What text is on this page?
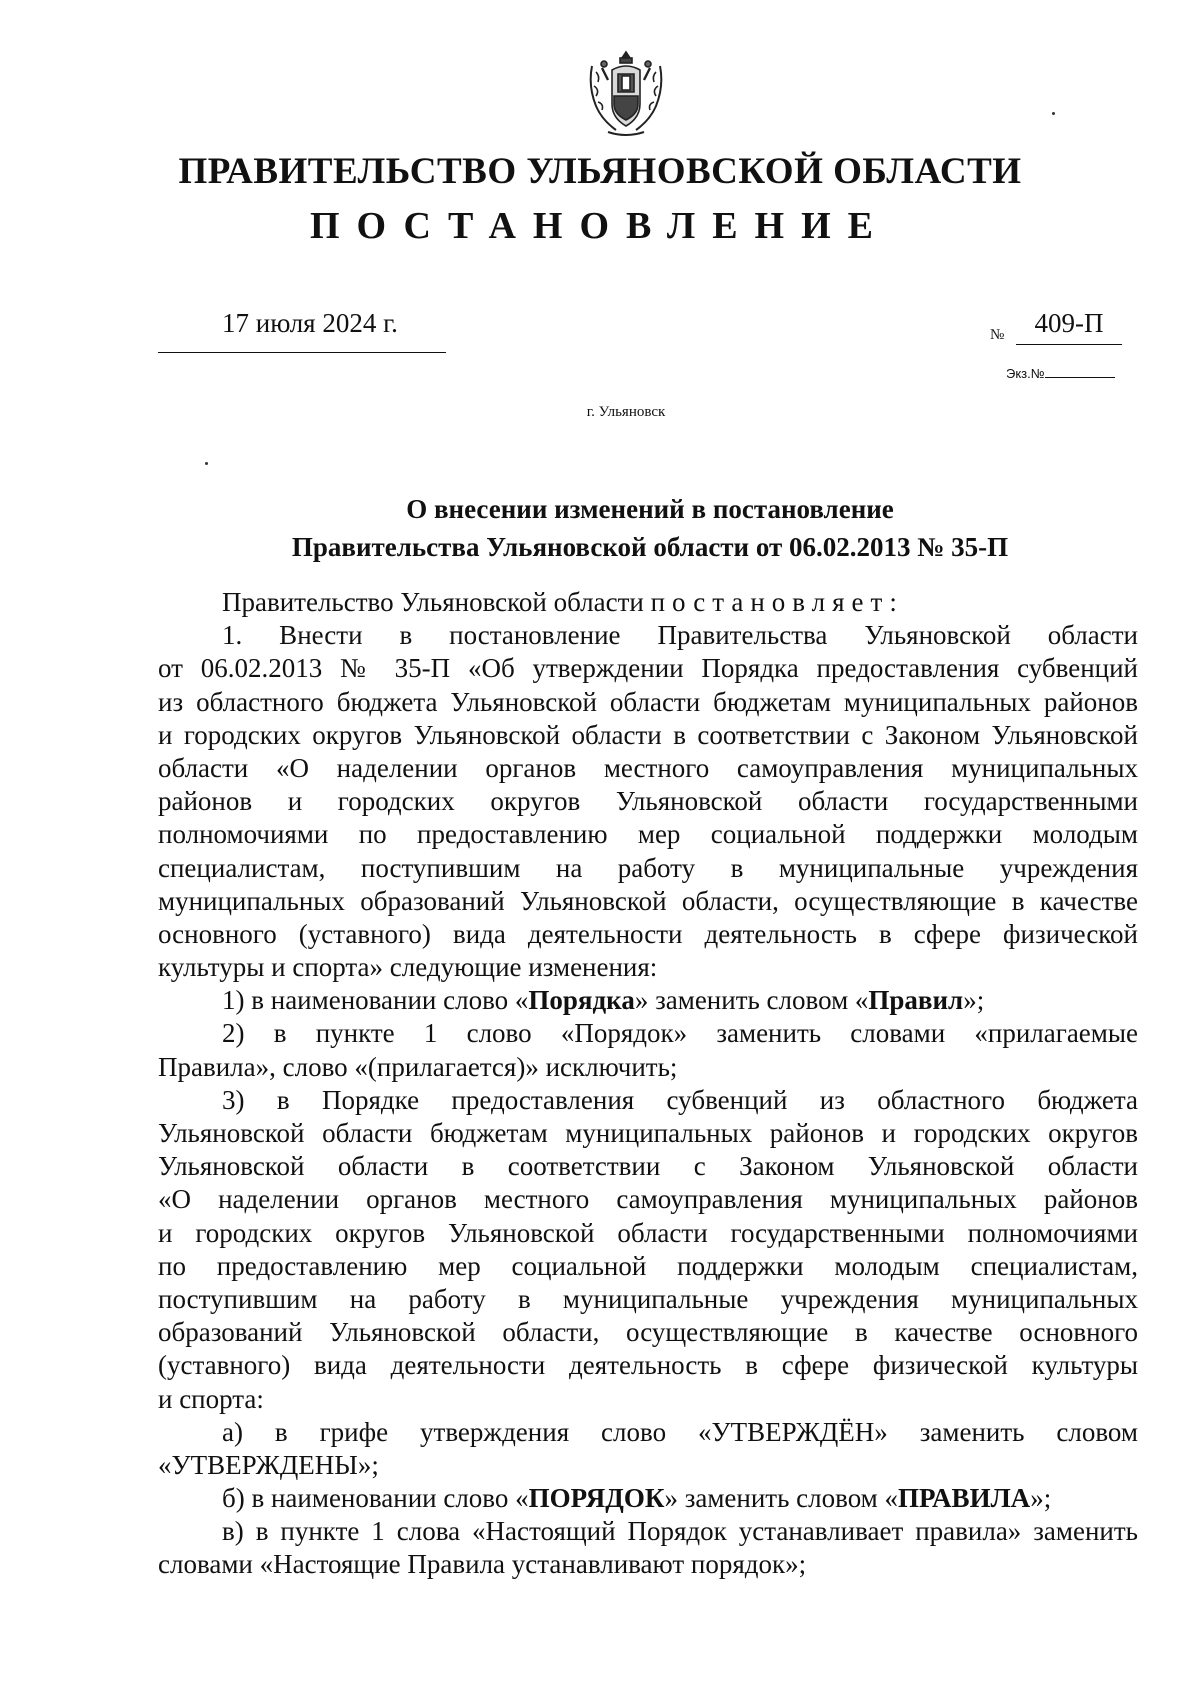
ПРАВИТЕЛЬСТВО УЛЬЯНОВСКОЙ ОБЛАСТИ
ПОСТАНОВЛЕНИЕ
17 июля 2024 г.	№	409-П
Экз.№
г. Ульяновск
О внесении изменений в постановление
Правительства Ульяновской области от 06.02.2013 № 35-П
Правительство Ульяновской области постановляет:
1. Внести в постановление Правительства Ульяновской области
от 06.02.2013 № 35-П «Об утверждении Порядка предоставления субвенций
из областного бюджета Ульяновской области бюджетам муниципальных районов
и городских округов Ульяновской области в соответствии с Законом Ульяновской
области «О наделении органов местного самоуправления муниципальных
районов и городских округов Ульяновской области государственными
полномочиями по предоставлению мер социальной поддержки молодым
специалистам, поступившим на работу в муниципальные учреждения
муниципальных образований Ульяновской области, осуществляющие в качестве
основного (уставного) вида деятельности деятельность в сфере физической
культуры и спорта» следующие изменения:
1) в наименовании слово «Порядка» заменить словом «Правил»;
2) в пункте 1 слово «Порядок» заменить словами «прилагаемые
Правила», слово «(прилагается)» исключить;
3) в Порядке предоставления субвенций из областного бюджета
Ульяновской области бюджетам муниципальных районов и городских округов
Ульяновской области в соответствии с Законом Ульяновской области
«О наделении органов местного самоуправления муниципальных районов
и городских округов Ульяновской области государственными полномочиями
по предоставлению мер социальной поддержки молодым специалистам,
поступившим на работу в муниципальные учреждения муниципальных
образований Ульяновской области, осуществляющие в качестве основного
(уставного) вида деятельности деятельность в сфере физической культуры
и спорта:
а) в грифе утверждения слово «УТВЕРЖДЁН» заменить словом
«УТВЕРЖДЕНЫ»;
б) в наименовании слово «ПОРЯДОК» заменить словом «ПРАВИЛА»;
в) в пункте 1 слова «Настоящий Порядок устанавливает правила» заменить
словами «Настоящие Правила устанавливают порядок»;
